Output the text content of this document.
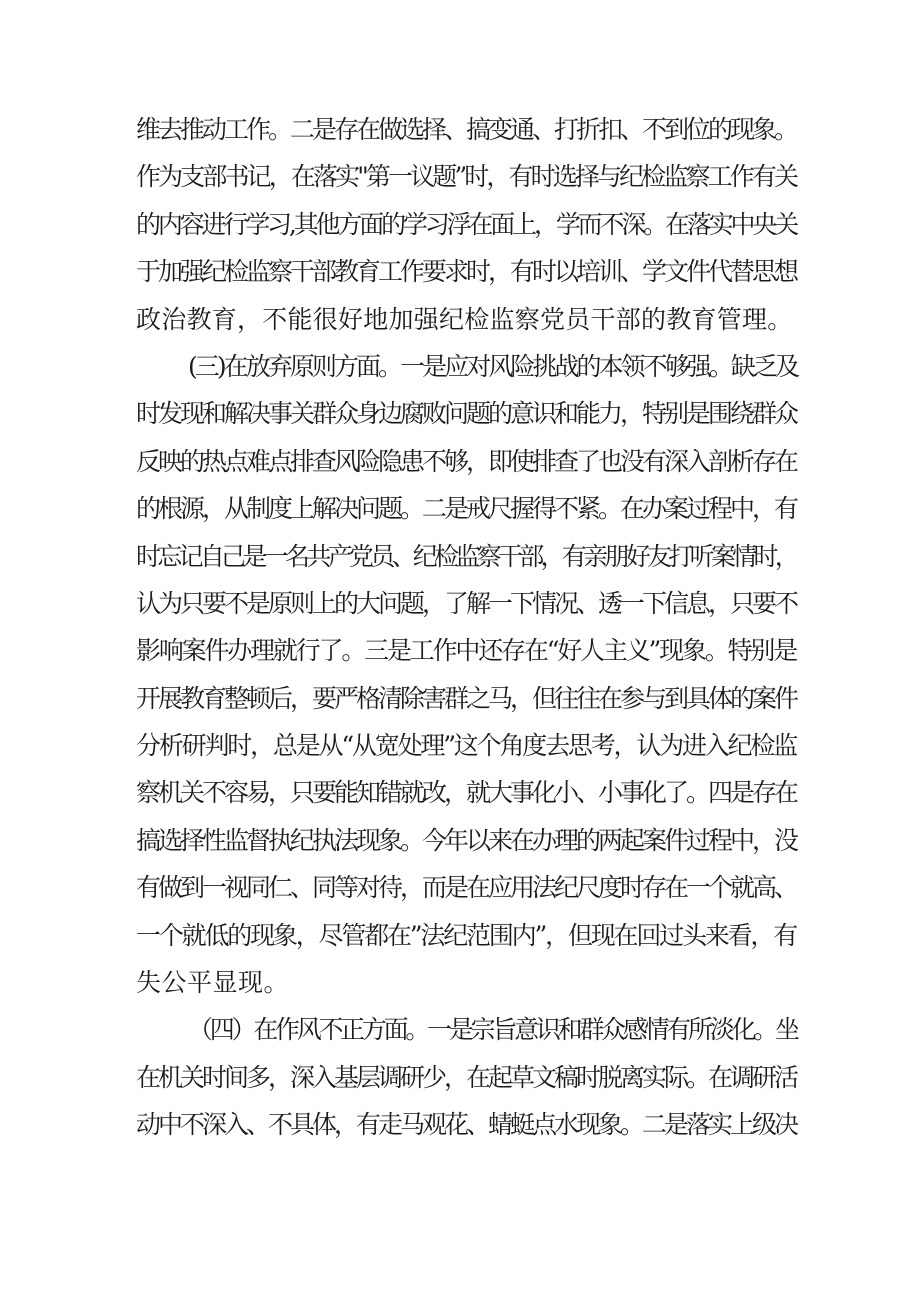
维去推动工作。二是存在做选择、搞变通、打折扣、不到位的现象。
作为支部书记，在落实"第一议题”时，有时选择与纪检监察工作有关
的内容进行学习,其他方面的学习浮在面上，学而不深。在落实中央关
于加强纪检监察干部教育工作要求时，有时以培训、学文件代替思想
政治教育，不能很好地加强纪检监察党员干部的教育管理。
(三)在放弃原则方面。一是应对风险挑战的本领不够强。缺乏及
时发现和解决事关群众身边腐败问题的意识和能力，特别是围绕群众
反映的热点难点排查风险隐患不够，即使排查了也没有深入剖析存在
的根源，从制度上解决问题。二是戒尺握得不紧。在办案过程中，有
时忘记自己是一名共产党员、纪检监察干部，有亲朋好友打听案情时，
认为只要不是原则上的大问题，了解一下情况、透一下信息，只要不
影响案件办理就行了。三是工作中还存在“好人主义”现象。特别是
开展教育整顿后，要严格清除害群之马，但往往在参与到具体的案件
分析研判时，总是从“从宽处理”这个角度去思考，认为进入纪检监
察机关不容易，只要能知错就改，就大事化小、小事化了。四是存在
搞选择性监督执纪执法现象。今年以来在办理的两起案件过程中，没
有做到一视同仁、同等对待，而是在应用法纪尺度时存在一个就高、
一个就低的现象，尽管都在”法纪范围内”，但现在回过头来看，有
失公平显现。
（四）在作风不正方面。一是宗旨意识和群众感情有所淡化。坐
在机关时间多，深入基层调研少，在起草文稿时脱离实际。在调研活
动中不深入、不具体，有走马观花、蜻蜓点水现象。二是落实上级决
